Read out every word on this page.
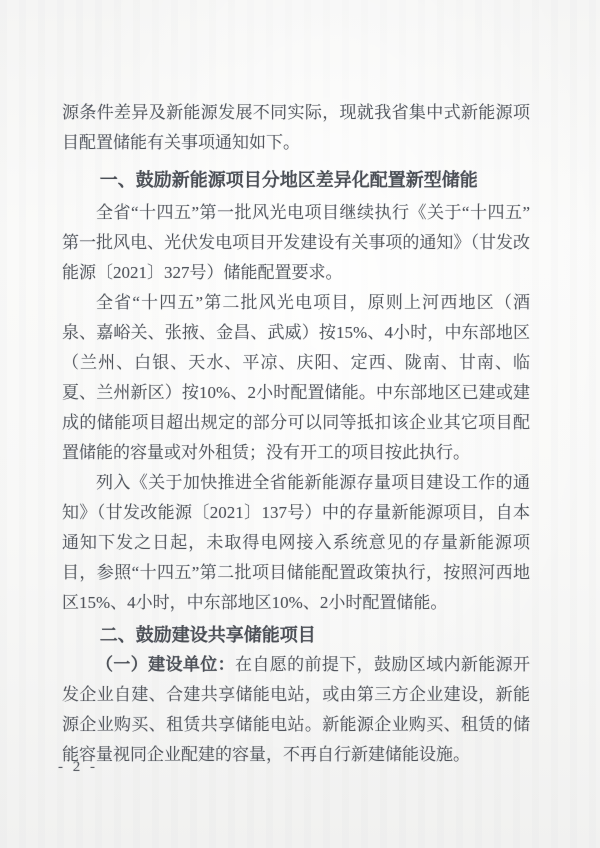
源条件差异及新能源发展不同实际，现就我省集中式新能源项目配置储能有关事项通知如下。

一、鼓励新能源项目分地区差异化配置新型储能

全省“十四五”第一批风光电项目继续执行《关于“十四五”第一批风电、光伏发电项目开发建设有关事项的通知》（甘发改能源〔2021〕327号）储能配置要求。

全省“十四五”第二批风光电项目，原则上河西地区（酒泉、嘉峪关、张掖、金昌、武威）按15%、4小时，中东部地区（兰州、白银、天水、平凉、庆阳、定西、陇南、甘南、临夏、兰州新区）按10%、2小时配置储能。中东部地区已建或建成的储能项目超出规定的部分可以同等抵扣该企业其它项目配置储能的容量或对外租赁；没有开工的项目按此执行。

列入《关于加快推进全省能新能源存量项目建设工作的通知》（甘发改能源〔2021〕137号）中的存量新能源项目，自本通知下发之日起，未取得电网接入系统意见的存量新能源项目，参照“十四五”第二批项目储能配置政策执行，按照河西地区15%、4小时，中东部地区10%、2小时配置储能。

二、鼓励建设共享储能项目

（一）建设单位：在自愿的前提下，鼓励区域内新能源开发企业自建、合建共享储能电站，或由第三方企业建设，新能源企业购买、租赁共享储能电站。新能源企业购买、租赁的储能容量视同企业配建的容量，不再自行新建储能设施。

- 2 -
